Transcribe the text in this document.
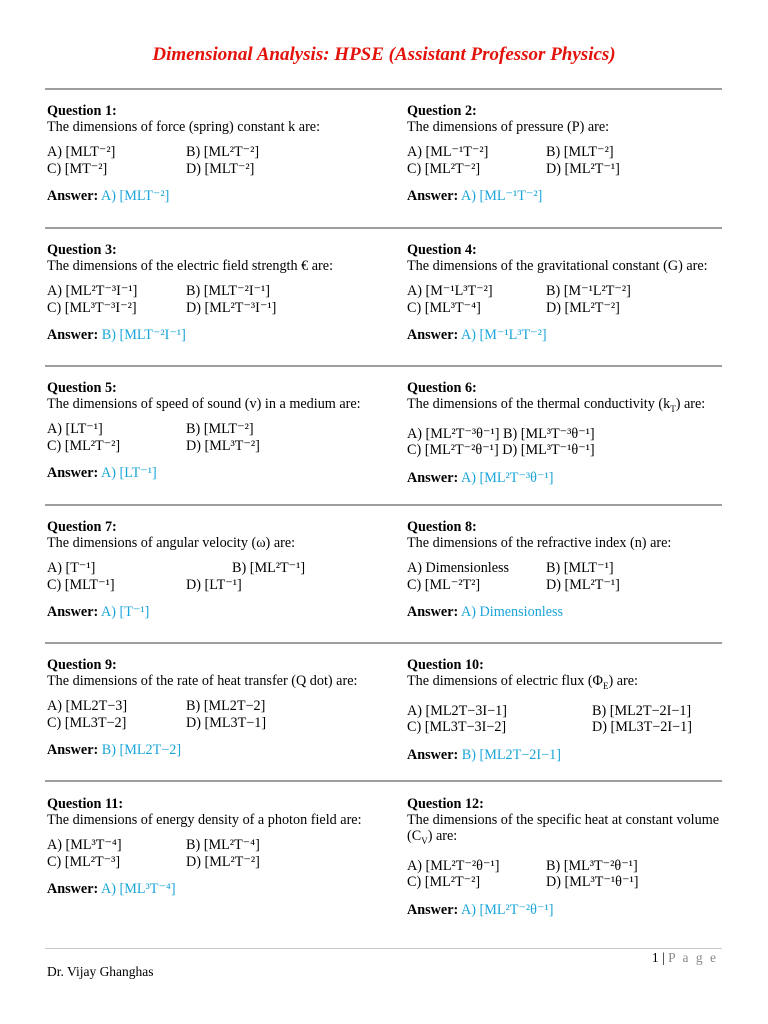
Dimensional Analysis: HPSE (Assistant Professor Physics)
Question 1:
The dimensions of force (spring) constant k are:
A) [MLT⁻²]	B) [ML²T⁻²]
C) [MT⁻²]	D) [MLT⁻²]
Answer: A) [MLT⁻²]
Question 2:
The dimensions of pressure (P) are:
A) [ML⁻¹T⁻²]	B) [MLT⁻²]
C) [ML²T⁻²]	D) [ML²T⁻¹]
Answer: A) [ML⁻¹T⁻²]
Question 3:
The dimensions of the electric field strength € are:
A) [ML²T⁻³I⁻¹]	B) [MLT⁻²I⁻¹]
C) [ML³T⁻³I⁻²]	D) [ML²T⁻³I⁻¹]
Answer: B) [MLT⁻²I⁻¹]
Question 4:
The dimensions of the gravitational constant (G) are:
A) [M⁻¹L³T⁻²]	B) [M⁻¹L²T⁻²]
C) [ML³T⁻⁴]	D) [ML²T⁻²]
Answer: A) [M⁻¹L³T⁻²]
Question 5:
The dimensions of speed of sound (v) in a medium are:
A) [LT⁻¹]	B) [MLT⁻²]
C) [ML²T⁻²]	D) [ML³T⁻²]
Answer: A) [LT⁻¹]
Question 6:
The dimensions of the thermal conductivity $(k_T)$ are:
A) [ML²T⁻³θ⁻¹] B) [ML³T⁻³θ⁻¹]
C) [ML²T⁻²θ⁻¹] D) [ML³T⁻¹θ⁻¹]
Answer: A) [ML²T⁻³θ⁻¹]
Question 7:
The dimensions of angular velocity (ω) are:
A) [T⁻¹]	B) [ML²T⁻¹]
C) [MLT⁻¹]	D) [LT⁻¹]
Answer: A) [T⁻¹]
Question 8:
The dimensions of the refractive index (n) are:
A) Dimensionless	B) [MLT⁻¹]
C) [ML⁻²T²]	D) [ML²T⁻¹]
Answer: A) Dimensionless
Question 9:
The dimensions of the rate of heat transfer (Q dot) are:
A) [ML2T−3]	B) [ML2T−2]
C) [ML3T−2]	D) [ML3T−1]
Answer: B) [ML2T−2]
Question 10:
The dimensions of electric flux $(\Phi_E)$ are:
A) [ML2T−3I−1]	B) [ML2T−2I−1]
C) [ML3T−3I−2]	D) [ML3T−2I−1]
Answer: B) [ML2T−2I−1]
Question 11:
The dimensions of energy density of a photon field are:
A) [ML³T⁻⁴]	B) [ML²T⁻⁴]
C) [ML²T⁻³]	D) [ML²T⁻²]
Answer: A) [ML³T⁻⁴]
Question 12:
The dimensions of the specific heat at constant volume
$(C_V)$ are:
A) [ML²T⁻²θ⁻¹]	B) [ML³T⁻²θ⁻¹]
C) [ML²T⁻²]	D) [ML³T⁻¹θ⁻¹]
Answer: A) [ML²T⁻²θ⁻¹]
1 | P a g e
Dr. Vijay Ghanghas
